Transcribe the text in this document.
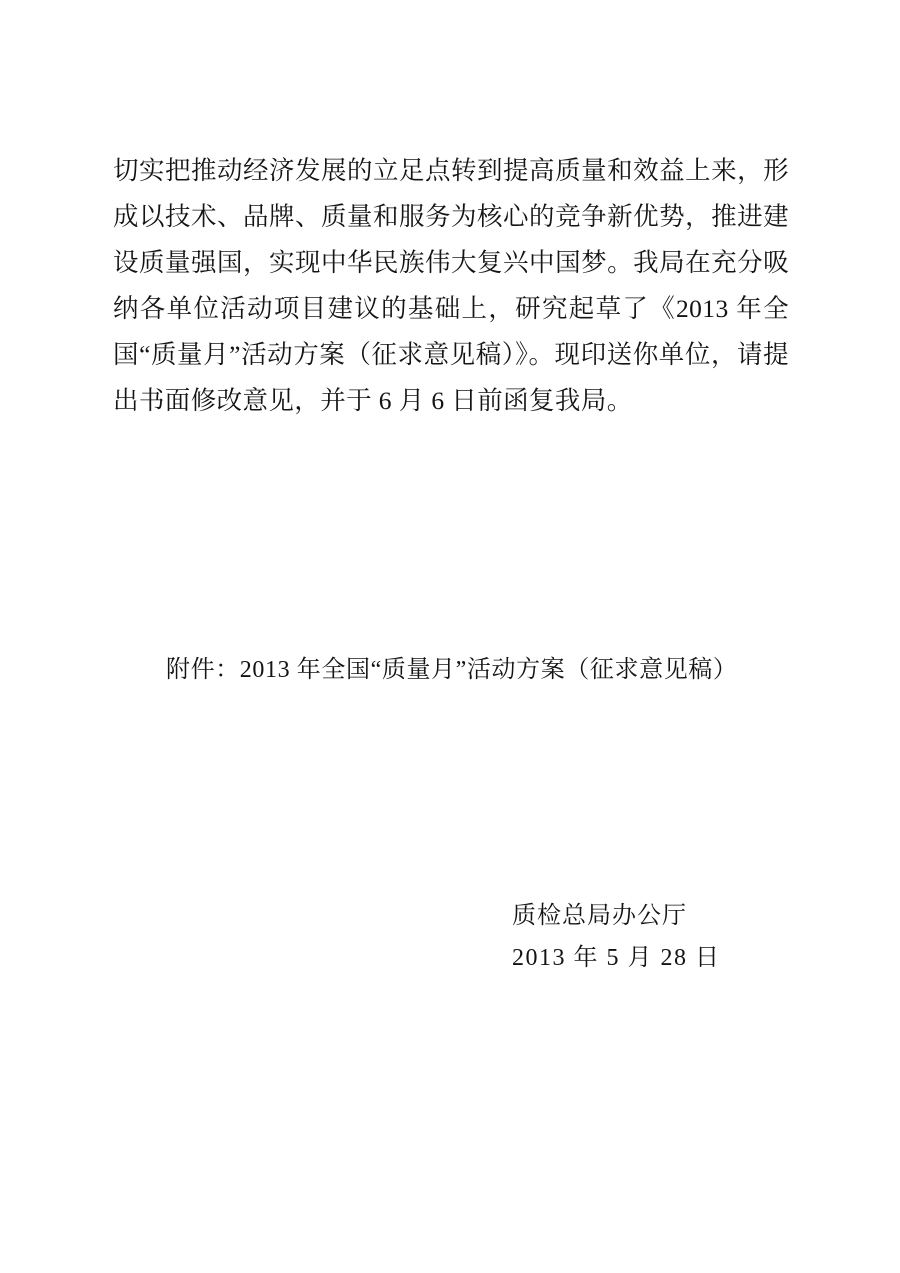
切实把推动经济发展的立足点转到提高质量和效益上来，形成以技术、品牌、质量和服务为核心的竞争新优势，推进建设质量强国，实现中华民族伟大复兴中国梦。我局在充分吸纳各单位活动项目建议的基础上，研究起草了《2013 年全国“质量月”活动方案（征求意见稿）》。现印送你单位，请提出书面修改意见，并于 6 月 6 日前函复我局。

附件：2013 年全国“质量月”活动方案（征求意见稿）
质检总局办公厅
2013 年 5 月 28 日
